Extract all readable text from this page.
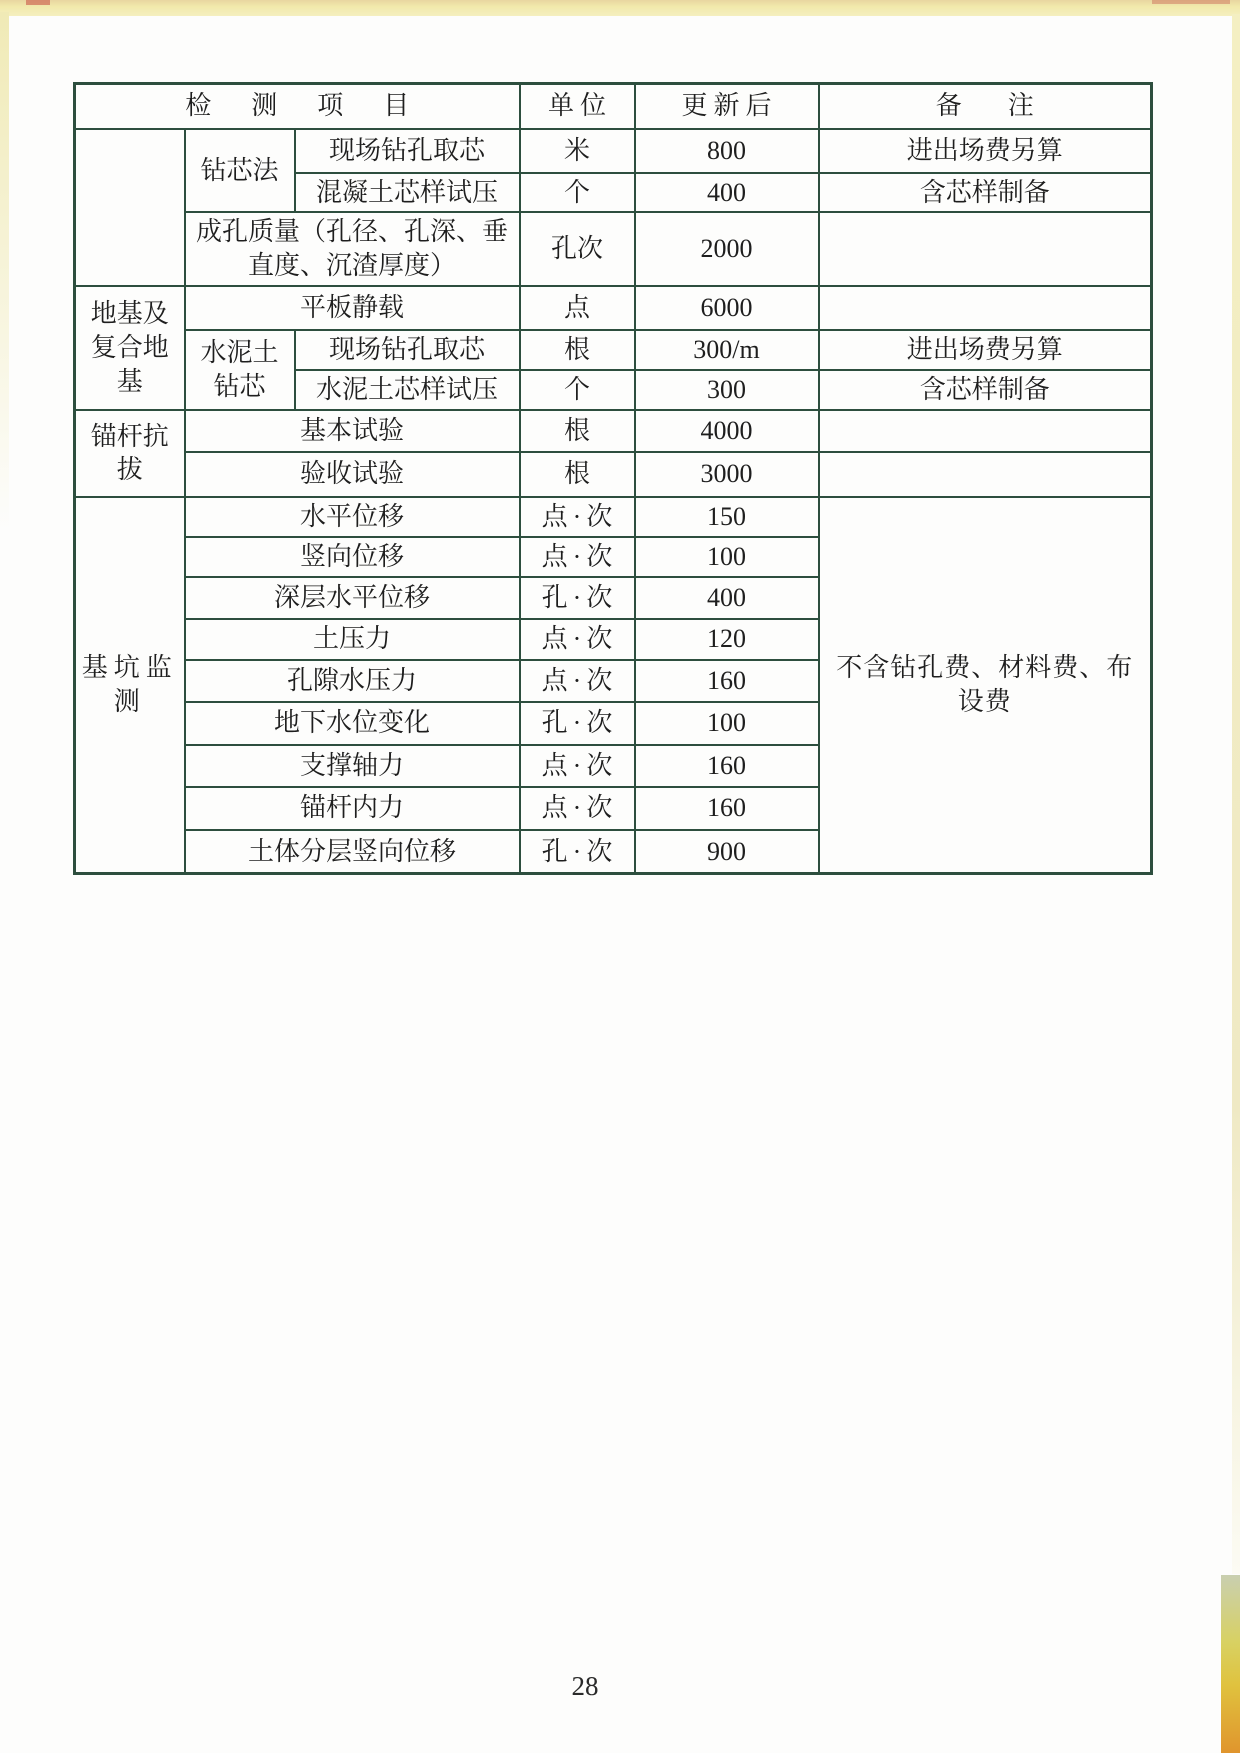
检测项目			单位	更新后	备注
	钻芯法	现场钻孔取芯	米	800	进出场费另算
		混凝土芯样试压	个	400	含芯样制备
	成孔质量（孔径、孔深、垂直度、沉渣厚度）		孔次	2000	
地基及复合地基	平板静载		点	6000	
	水泥土钻芯	现场钻孔取芯	根	300/m	进出场费另算
		水泥土芯样试压	个	300	含芯样制备
锚杆抗拔	基本试验		根	4000	
	验收试验		根	3000	
基坑监测	水平位移		点·次	150	不含钻孔费、材料费、布设费
	竖向位移		点·次	100	
	深层水平位移		孔·次	400	
	土压力		点·次	120	
	孔隙水压力		点·次	160	
	地下水位变化		孔·次	100	
	支撑轴力		点·次	160	
	锚杆内力		点·次	160	
	土体分层竖向位移		孔·次	900	
28
